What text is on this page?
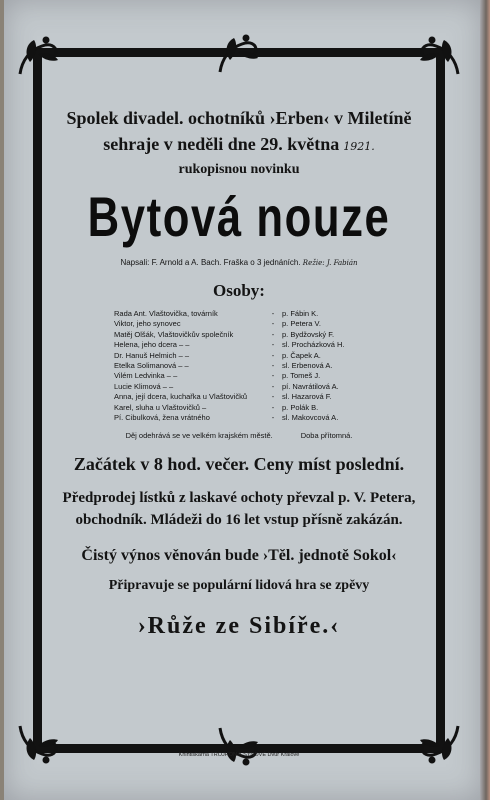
Spolek divadel. ochotníků ›Erben‹ v Miletíně
sehraje v neděli dne 29. května 1921.
rukopisnou novinku
Bytová nouze
Napsali: F. Arnold a A. Bach. Fraška o 3 jednáních. Režie: J. Fabián
Osoby:
Rada Ant. Vlaštovička, továrník	-	p. Fábin K.
Viktor, jeho synovec	-	p. Petera V.
Matěj Olšák, Vlaštovičkův společník	-	p. Bydžovský F.
Helena, jeho dcera – –	-	sl. Procházková H.
Dr. Hanuš Helmich – –	-	p. Čapek A.
Etelka Solimanová – –	-	sl. Erbenová A.
Vilém Ledvinka – –	-	p. Tomeš J.
Lucie Klimová – –	-	pí. Navrátilová A.
Anna, její dcera, kuchařka u Vlaštovičků	-	sl. Hazarová F.
Karel, sluha u Vlaštovičků –	-	p. Polák B.
Pí. Cibulková, žena vrátného	-	sl. Makovcová A.
Děj odehrává se ve velkém krajském městě.	Doba přítomná.
Začátek v 8 hod. večer. Ceny míst poslední.
Předprodej lístků z laskavé ochoty převzal p. V. Petera,
obchodník. Mládeži do 16 let vstup přísně zakázán.
Čistý výnos věnován bude ›Těl. jednotě Sokol‹
Připravuje se populární lidová hra se zpěvy
›Růže ze Sibíře.‹
Knihtiskárna TROJHON A SYNOVÉ Dvůr Králové
